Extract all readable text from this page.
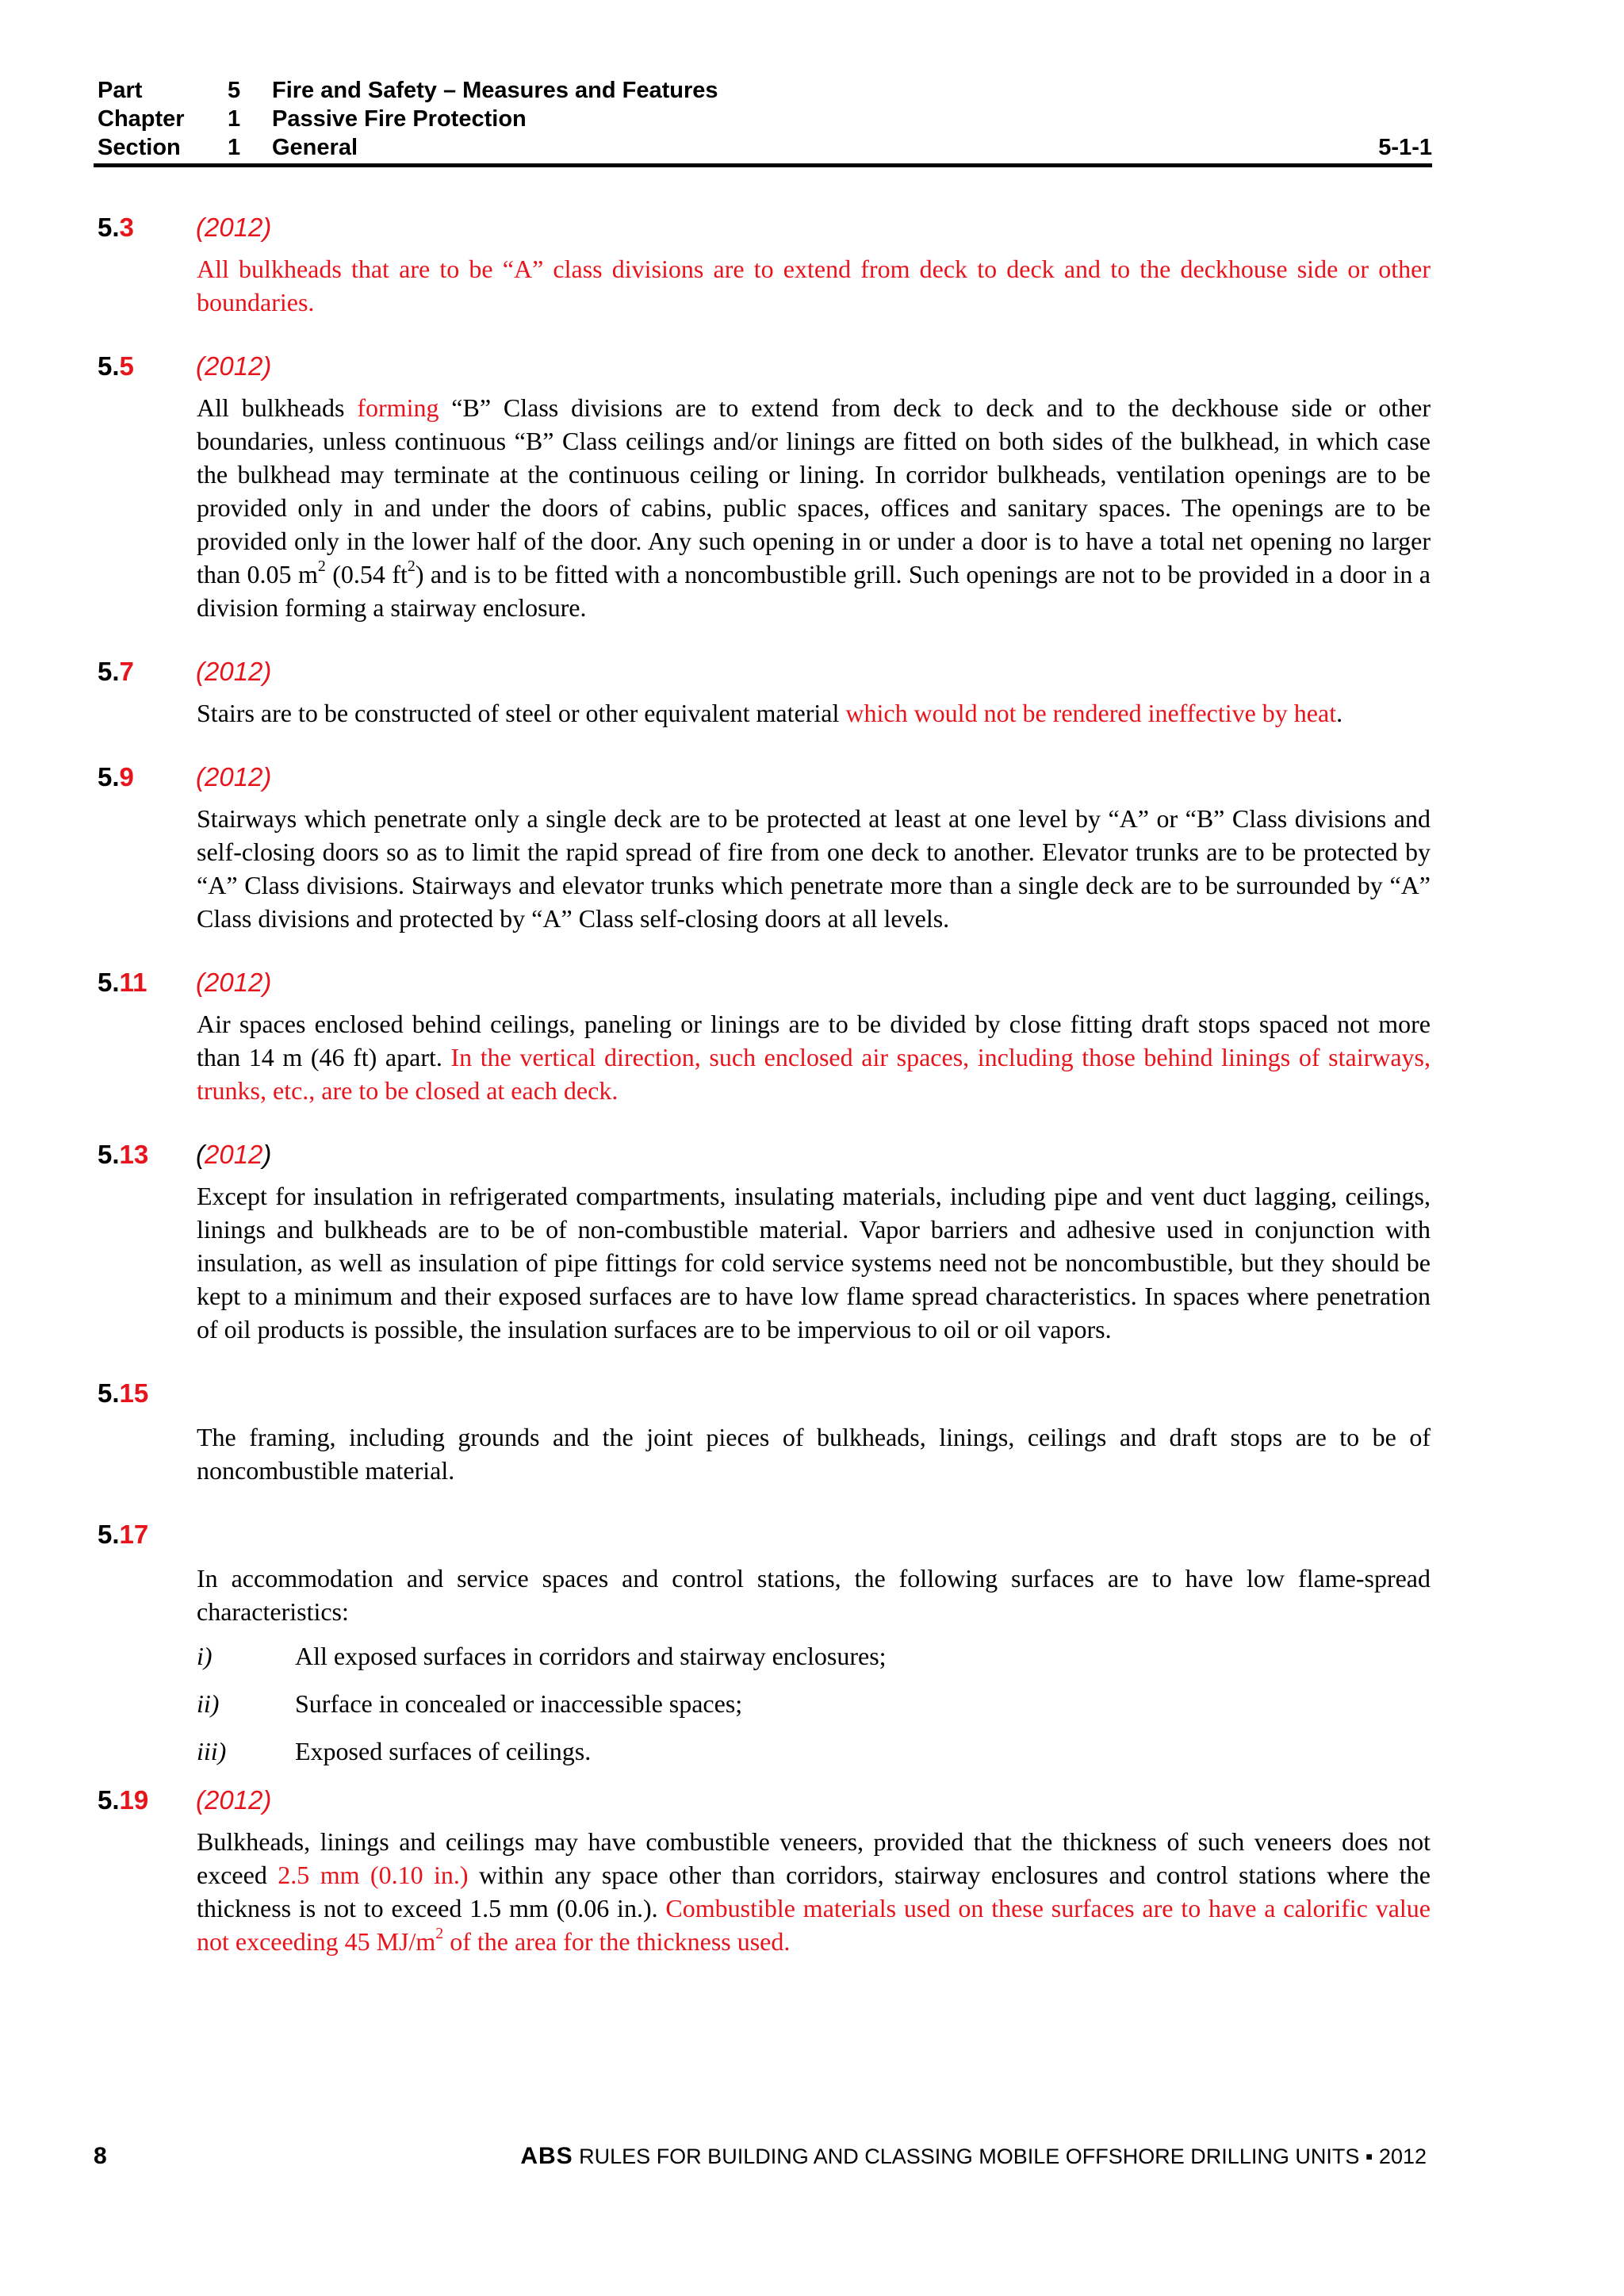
Part	5	Fire and Safety – Measures and Features
Chapter	1	Passive Fire Protection
Section	1	General	5-1-1
5.3	(2012)
All bulkheads that are to be “A” class divisions are to extend from deck to deck and to the deckhouse side or other boundaries.
5.5	(2012)
All bulkheads forming “B” Class divisions are to extend from deck to deck and to the deckhouse side or other boundaries, unless continuous “B” Class ceilings and/or linings are fitted on both sides of the bulkhead, in which case the bulkhead may terminate at the continuous ceiling or lining. In corridor bulkheads, ventilation openings are to be provided only in and under the doors of cabins, public spaces, offices and sanitary spaces. The openings are to be provided only in the lower half of the door. Any such opening in or under a door is to have a total net opening no larger than 0.05 $m^2$ (0.54 $ft^2$) and is to be fitted with a noncombustible grill. Such openings are not to be provided in a door in a division forming a stairway enclosure.
5.7	(2012)
Stairs are to be constructed of steel or other equivalent material which would not be rendered ineffective by heat.
5.9	(2012)
Stairways which penetrate only a single deck are to be protected at least at one level by “A” or “B” Class divisions and self-closing doors so as to limit the rapid spread of fire from one deck to another. Elevator trunks are to be protected by “A” Class divisions. Stairways and elevator trunks which penetrate more than a single deck are to be surrounded by “A” Class divisions and protected by “A” Class self-closing doors at all levels.
5.11	(2012)
Air spaces enclosed behind ceilings, paneling or linings are to be divided by close fitting draft stops spaced not more than 14 m (46 ft) apart. In the vertical direction, such enclosed air spaces, including those behind linings of stairways, trunks, etc., are to be closed at each deck.
5.13	(2012)
Except for insulation in refrigerated compartments, insulating materials, including pipe and vent duct lagging, ceilings, linings and bulkheads are to be of non-combustible material. Vapor barriers and adhesive used in conjunction with insulation, as well as insulation of pipe fittings for cold service systems need not be noncombustible, but they should be kept to a minimum and their exposed surfaces are to have low flame spread characteristics. In spaces where penetration of oil products is possible, the insulation surfaces are to be impervious to oil or oil vapors.
5.15
The framing, including grounds and the joint pieces of bulkheads, linings, ceilings and draft stops are to be of noncombustible material.
5.17
In accommodation and service spaces and control stations, the following surfaces are to have low flame-spread characteristics:
i)	All exposed surfaces in corridors and stairway enclosures;
ii)	Surface in concealed or inaccessible spaces;
iii)	Exposed surfaces of ceilings.
5.19	(2012)
Bulkheads, linings and ceilings may have combustible veneers, provided that the thickness of such veneers does not exceed 2.5 mm (0.10 in.) within any space other than corridors, stairway enclosures and control stations where the thickness is not to exceed 1.5 mm (0.06 in.). Combustible materials used on these surfaces are to have a calorific value not exceeding 45 $MJ/m^2$ of the area for the thickness used.
8	ABS RULES FOR BUILDING AND CLASSING MOBILE OFFSHORE DRILLING UNITS ▪ 2012
